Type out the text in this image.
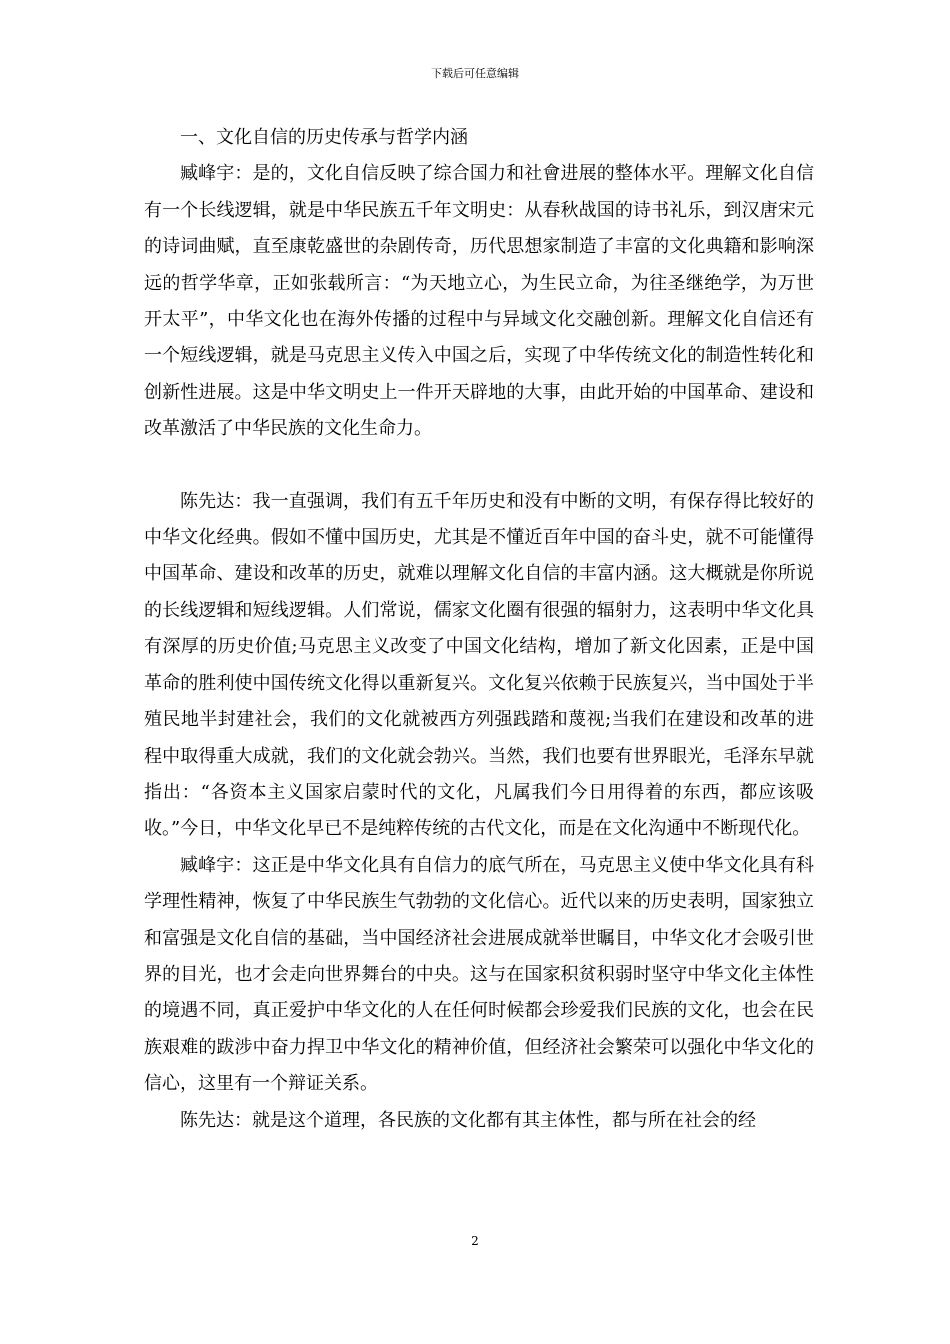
下载后可任意编辑

一、文化自信的历史传承与哲学内涵

臧峰宇：是的，文化自信反映了综合国力和社會进展的整体水平。理解文化自信有一个长线逻辑，就是中华民族五千年文明史：从春秋战国的诗书礼乐，到汉唐宋元的诗词曲赋，直至康乾盛世的杂剧传奇，历代思想家制造了丰富的文化典籍和影响深远的哲学华章，正如张载所言：“为天地立心，为生民立命，为往圣继绝学，为万世开太平”，中华文化也在海外传播的过程中与异域文化交融创新。理解文化自信还有一个短线逻辑，就是马克思主义传入中国之后，实现了中华传统文化的制造性转化和创新性进展。这是中华文明史上一件开天辟地的大事，由此开始的中国革命、建设和改革激活了中华民族的文化生命力。

陈先达：我一直强调，我们有五千年历史和没有中断的文明，有保存得比较好的中华文化经典。假如不懂中国历史，尤其是不懂近百年中国的奋斗史，就不可能懂得中国革命、建设和改革的历史，就难以理解文化自信的丰富内涵。这大概就是你所说的长线逻辑和短线逻辑。人们常说，儒家文化圈有很强的辐射力，这表明中华文化具有深厚的历史价值;马克思主义改变了中国文化结构，增加了新文化因素，正是中国革命的胜利使中国传统文化得以重新复兴。文化复兴依赖于民族复兴，当中国处于半殖民地半封建社会，我们的文化就被西方列强践踏和蔑视;当我们在建设和改革的进程中取得重大成就，我们的文化就会勃兴。当然，我们也要有世界眼光，毛泽东早就指出：“各资本主义国家启蒙时代的文化，凡属我们今日用得着的东西，都应该吸收。”今日，中华文化早已不是纯粹传统的古代文化，而是在文化沟通中不断现代化。

臧峰宇：这正是中华文化具有自信力的底气所在，马克思主义使中华文化具有科学理性精神，恢复了中华民族生气勃勃的文化信心。近代以来的历史表明，国家独立和富强是文化自信的基础，当中国经济社会进展成就举世瞩目，中华文化才会吸引世界的目光，也才会走向世界舞台的中央。这与在国家积贫积弱时坚守中华文化主体性的境遇不同，真正爱护中华文化的人在任何时候都会珍爱我们民族的文化，也会在民族艰难的跋涉中奋力捍卫中华文化的精神价值，但经济社会繁荣可以强化中华文化的信心，这里有一个辩证关系。

陈先达：就是这个道理，各民族的文化都有其主体性，都与所在社会的经

2
